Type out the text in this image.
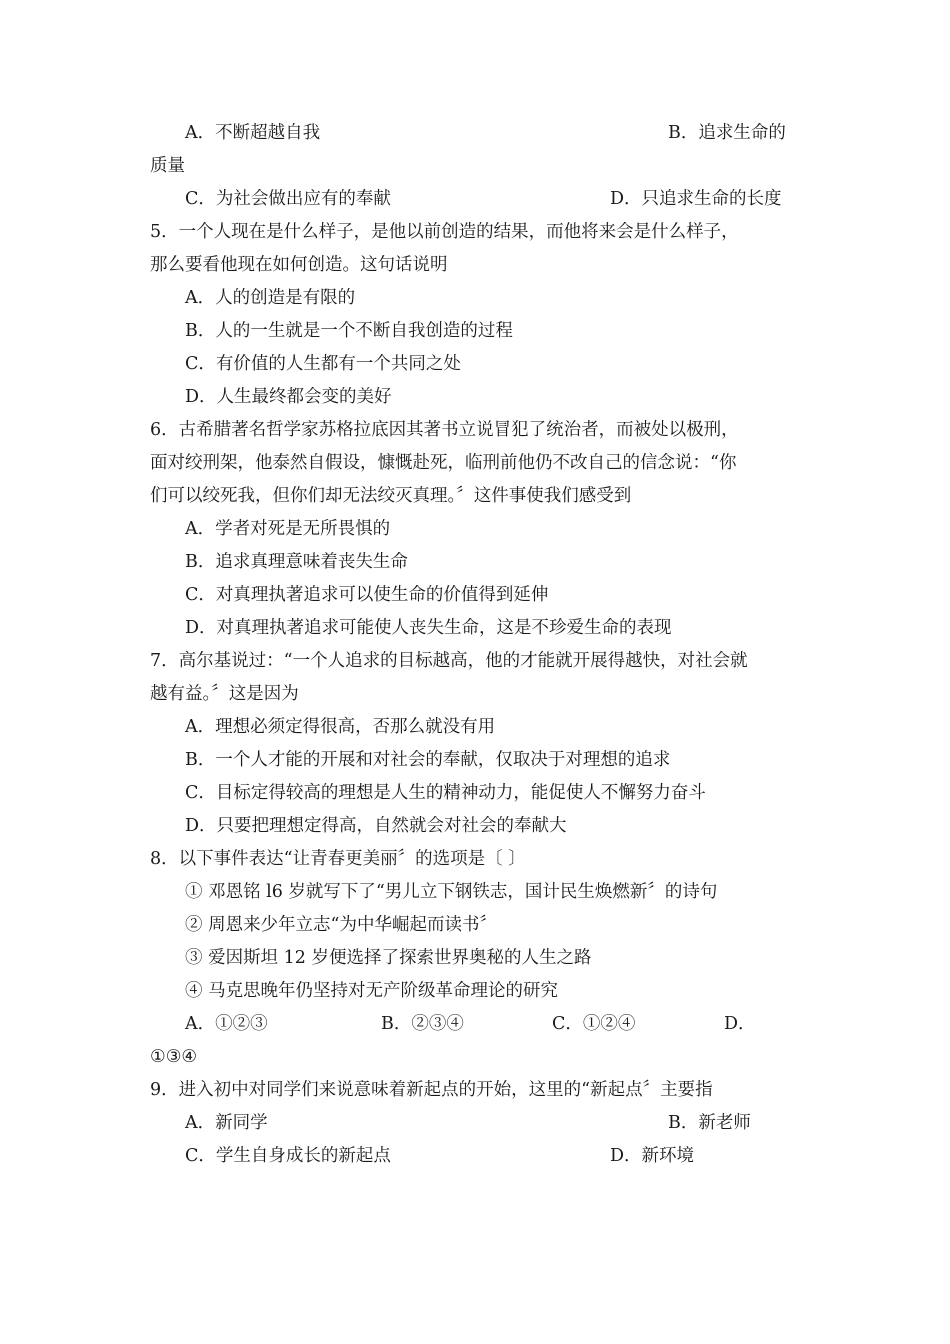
A．不断超越自我	B．追求生命的
质量
C．为社会做出应有的奉献	D．只追求生命的长度
5．一个人现在是什么样子，是他以前创造的结果，而他将来会是什么样子，
那么要看他现在如何创造。这句话说明
A．人的创造是有限的
B．人的一生就是一个不断自我创造的过程
C．有价值的人生都有一个共同之处
D．人生最终都会变的美好
6．古希腊著名哲学家苏格拉底因其著书立说冒犯了统治者，而被处以极刑，
面对绞刑架，他泰然自假设，慷慨赴死，临刑前他仍不改自己的信念说：“你
们可以绞死我，但你们却无法绞灭真理。〞这件事使我们感受到
A．学者对死是无所畏惧的
B．追求真理意味着丧失生命
C．对真理执著追求可以使生命的价值得到延伸
D．对真理执著追求可能使人丧失生命，这是不珍爱生命的表现
7．高尔基说过：“一个人追求的目标越高，他的才能就开展得越快，对社会就
越有益。〞这是因为
A．理想必须定得很高，否那么就没有用
B．一个人才能的开展和对社会的奉献，仅取决于对理想的追求
C．目标定得较高的理想是人生的精神动力，能促使人不懈努力奋斗
D．只要把理想定得高，自然就会对社会的奉献大
8．以下事件表达“让青春更美丽〞的选项是〔 〕
① 邓恩铭 l6 岁就写下了“男儿立下钢铁志，国计民生焕燃新〞的诗句
② 周恩来少年立志“为中华崛起而读书〞
③ 爱因斯坦 12 岁便选择了探索世界奥秘的人生之路
④ 马克思晚年仍坚持对无产阶级革命理论的研究
A．①②③	B．②③④	C．①②④	D．
①③④
9．进入初中对同学们来说意味着新起点的开始，这里的“新起点〞主要指
A．新同学	B．新老师
C．学生自身成长的新起点	D．新环境
